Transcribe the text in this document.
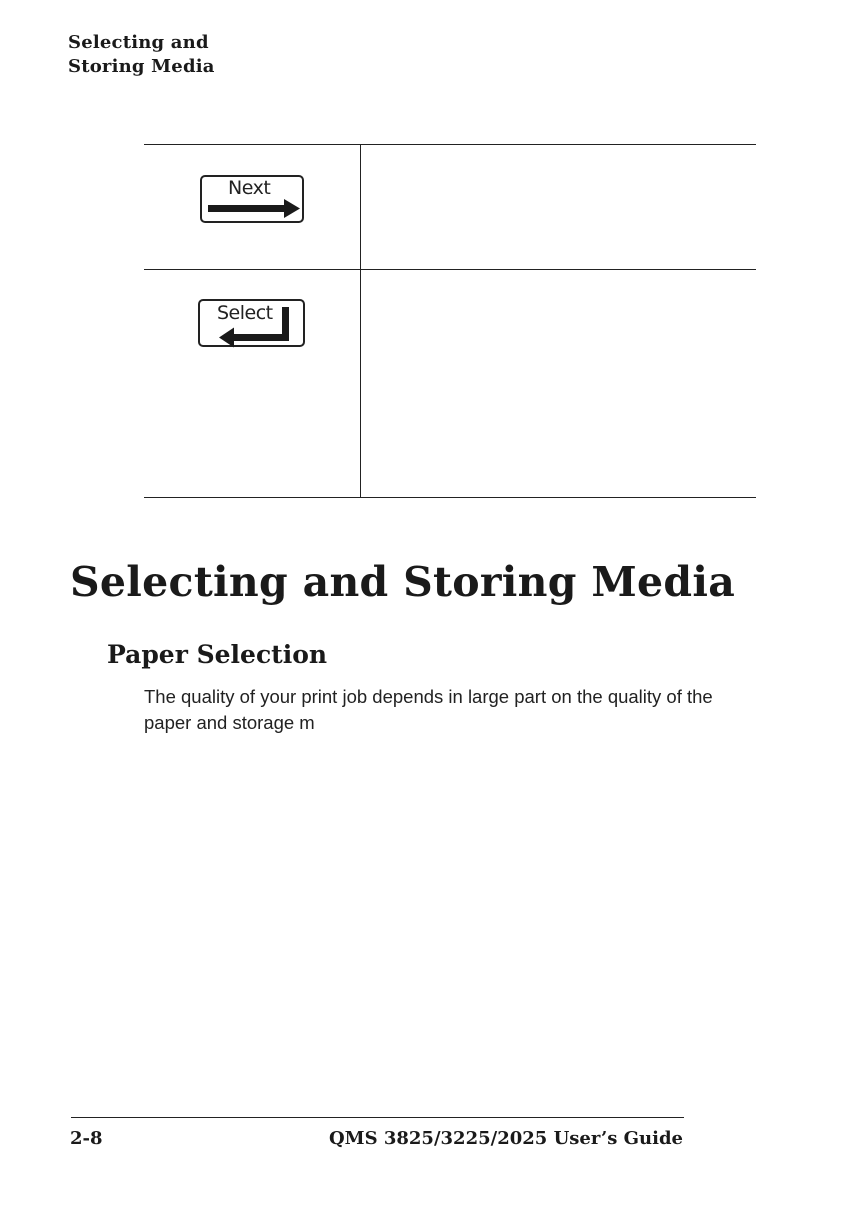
Selecting and
Storing Media
Next
Select
Selecting and Storing Media
Paper Selection

The quality of your print job depends in large part on the quality of the paper and storage m

2-8	QMS 3825/3225/2025 User’s Guide
